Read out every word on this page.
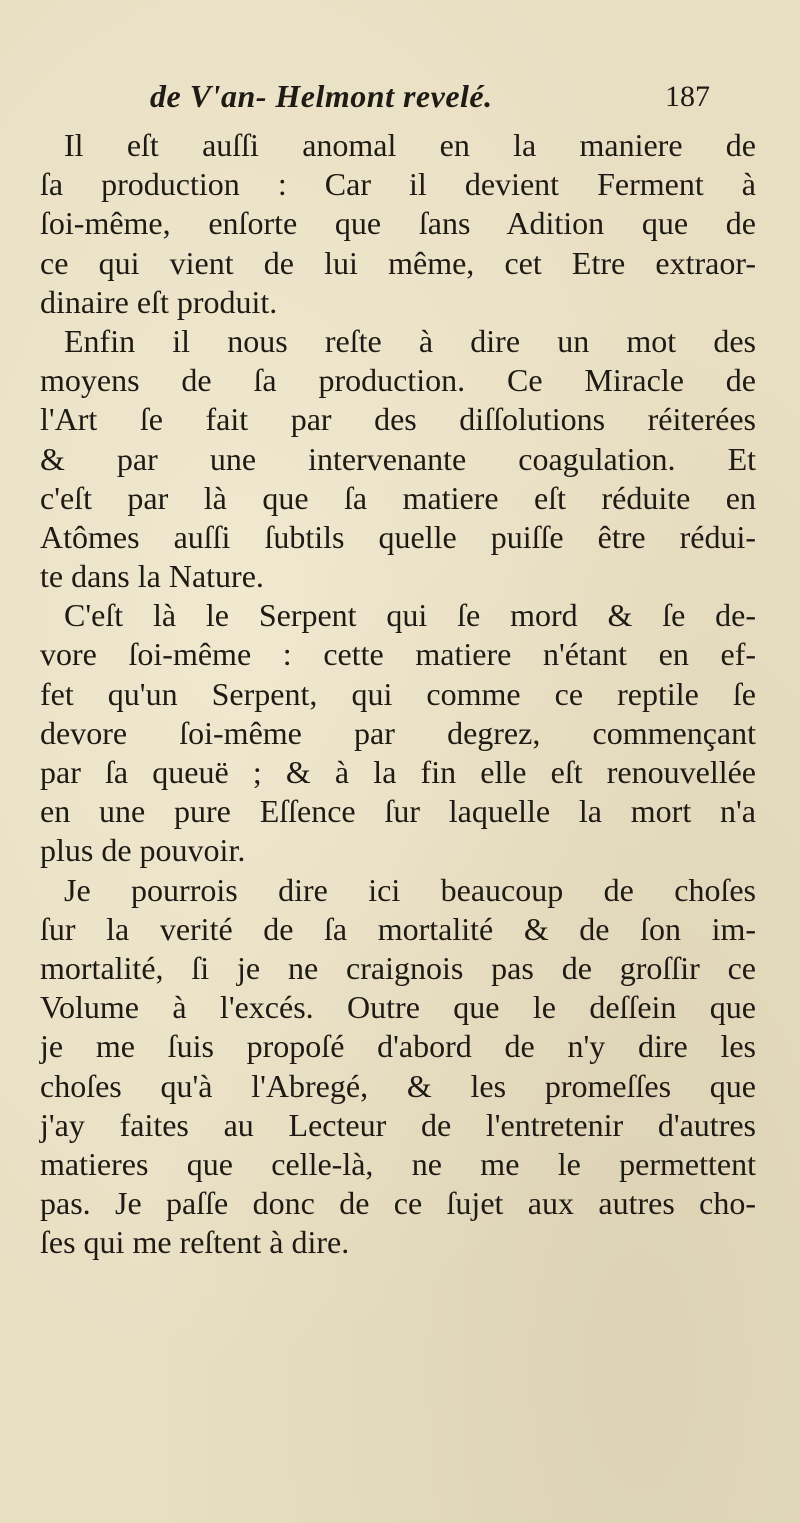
de V'an- Helmont revelé.	187
Il eſt auſſi anomal en la maniere de
ſa production : Car il devient Ferment à
ſoi-même, enſorte que ſans Adition que de
ce qui vient de lui même, cet Etre extraor-
dinaire eſt produit.
Enfin il nous reſte à dire un mot des
moyens de ſa production. Ce Miracle de
l'Art ſe fait par des diſſolutions réiterées
& par une intervenante coagulation. Et
c'eſt par là que ſa matiere eſt réduite en
Atômes auſſi ſubtils quelle puiſſe être rédui-
te dans la Nature.
C'eſt là le Serpent qui ſe mord & ſe de-
vore ſoi-même : cette matiere n'étant en ef-
fet qu'un Serpent, qui comme ce reptile ſe
devore ſoi-même par degrez, commençant
par ſa queuë ; & à la fin elle eſt renouvellée
en une pure Eſſence ſur laquelle la mort n'a
plus de pouvoir.
Je pourrois dire ici beaucoup de choſes
ſur la verité de ſa mortalité & de ſon im-
mortalité, ſi je ne craignois pas de groſſir ce
Volume à l'excés. Outre que le deſſein que
je me ſuis propoſé d'abord de n'y dire les
choſes qu'à l'Abregé, & les promeſſes que
j'ay faites au Lecteur de l'entretenir d'autres
matieres que celle-là, ne me le permettent
pas. Je paſſe donc de ce ſujet aux autres cho-
ſes qui me reſtent à dire.
